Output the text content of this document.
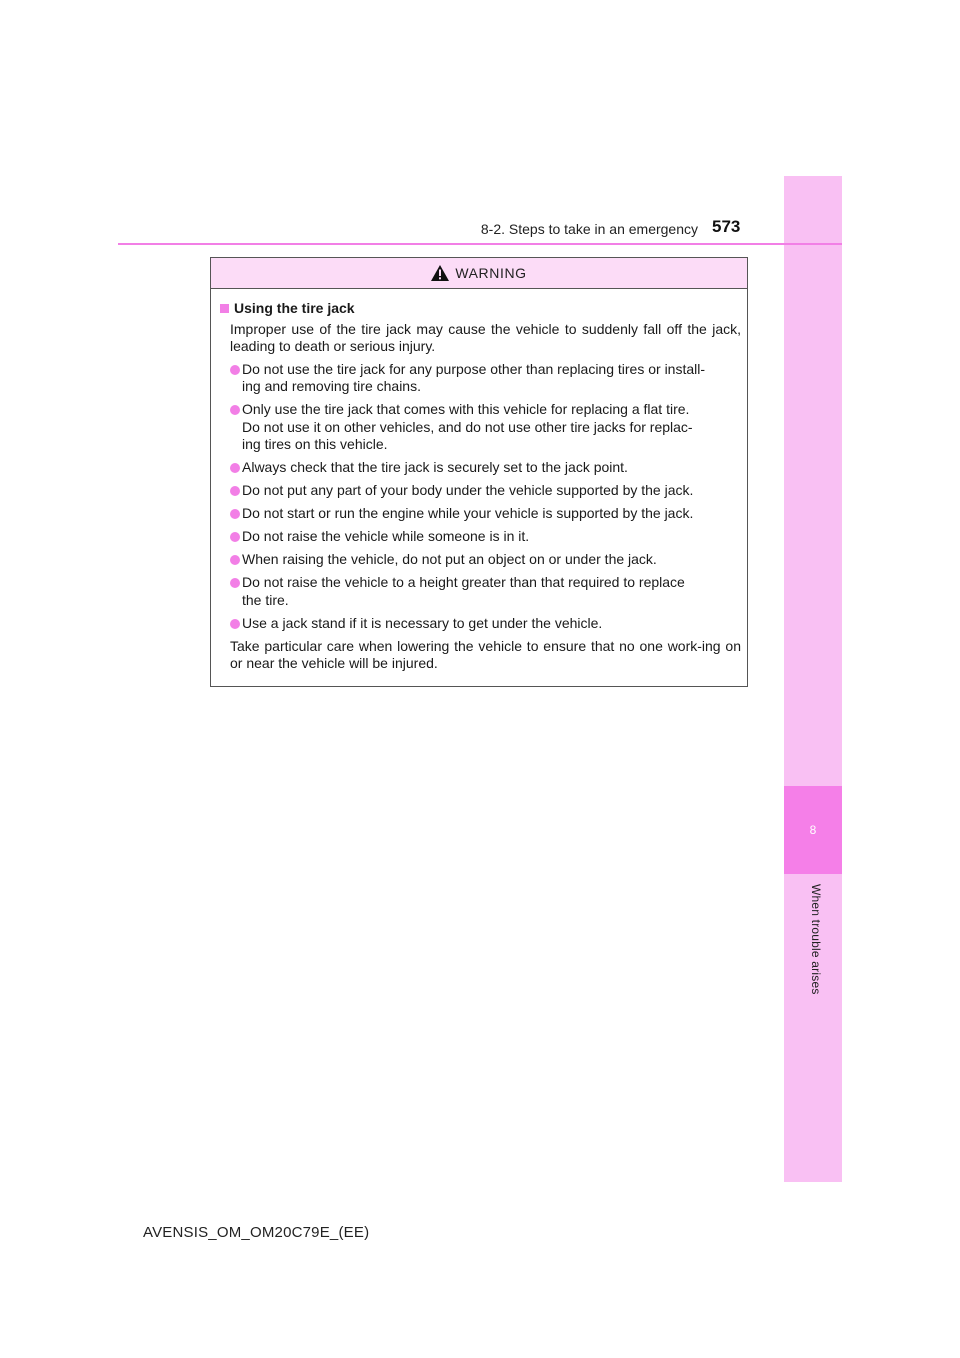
8
When trouble arises
8-2. Steps to take in an emergency 573
WARNING
Using the tire jack
Improper use of the tire jack may cause the vehicle to suddenly fall off the jack, leading to death or serious injury.
Do not use the tire jack for any purpose other than replacing tires or install-
ing and removing tire chains.
Only use the tire jack that comes with this vehicle for replacing a flat tire.
Do not use it on other vehicles, and do not use other tire jacks for replac-
ing tires on this vehicle.
Always check that the tire jack is securely set to the jack point.
Do not put any part of your body under the vehicle supported by the jack.
Do not start or run the engine while your vehicle is supported by the jack.
Do not raise the vehicle while someone is in it.
When raising the vehicle, do not put an object on or under the jack.
Do not raise the vehicle to a height greater than that required to replace
the tire.
Use a jack stand if it is necessary to get under the vehicle.
Take particular care when lowering the vehicle to ensure that no one work-ing on or near the vehicle will be injured.
AVENSIS_OM_OM20C79E_(EE)
